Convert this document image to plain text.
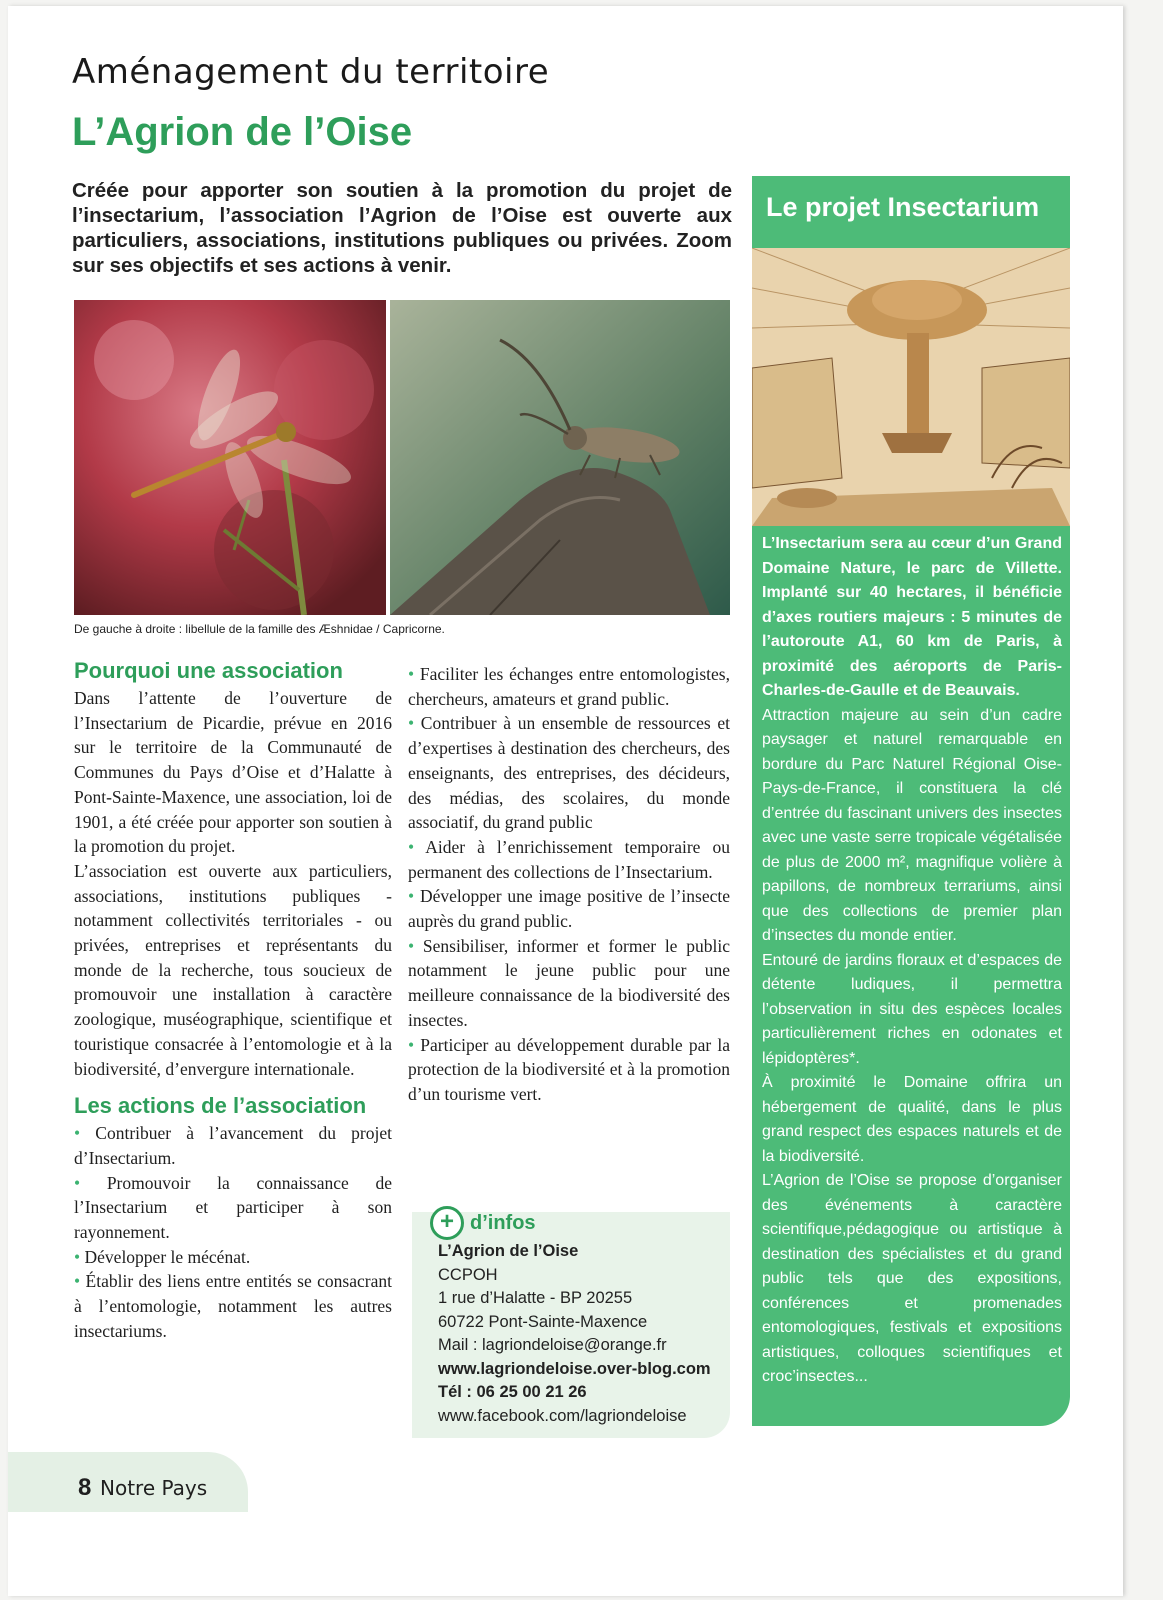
Aménagement du territoire
L’Agrion de l’Oise
Créée pour apporter son soutien à la promotion du projet de l’insectarium, l’association l’Agrion de l’Oise est ouverte aux particuliers, associations, institutions publiques ou privées. Zoom sur ses objectifs et ses actions à venir.
De gauche à droite : libellule de la famille des Æshnidae / Capricorne.
Pourquoi une association

Dans l’attente de l’ouverture de l’Insectarium de Picardie, prévue en 2016 sur le territoire de la Communauté de Communes du Pays d’Oise et d’Halatte à Pont-Sainte-Maxence, une association, loi de 1901, a été créée pour apporter son soutien à la promotion du projet.

L’association est ouverte aux particuliers, associations, institutions publiques - notamment collectivités territoriales - ou privées, entreprises et représentants du monde de la recherche, tous soucieux de promouvoir une installation à caractère zoologique, muséographique, scientifique et touristique consacrée à l’entomologie et à la biodiversité, d’envergure internationale.

Les actions de l’association

• Contribuer à l’avancement du projet d’Insectarium.

• Promouvoir la connaissance de l’Insectarium et participer à son rayonnement.

• Développer le mécénat.

• Établir des liens entre entités se consacrant à l’entomologie, notamment les autres insectariums.

• Faciliter les échanges entre entomologistes, chercheurs, amateurs et grand public.

• Contribuer à un ensemble de ressources et d’expertises à destination des chercheurs, des enseignants, des entreprises, des décideurs, des médias, des scolaires, du monde associatif, du grand public

• Aider à l’enrichissement temporaire ou permanent des collections de l’Insectarium.

• Développer une image positive de l’insecte auprès du grand public.

• Sensibiliser, informer et former le public notamment le jeune public pour une meilleure connaissance de la biodiversité des insectes.

• Participer au développement durable par la protection de la biodiversité et à la promotion d’un tourisme vert.

+ d’infos
L’Agrion de l’Oise
CCPOH
1 rue d’Halatte - BP 20255
60722 Pont-Sainte-Maxence
Mail : lagriondeloise@orange.fr
www.lagriondeloise.over-blog.com
Tél : 06 25 00 21 26
www.facebook.com/lagriondeloise
Le projet Insectarium

L’Insectarium sera au cœur d’un Grand Domaine Nature, le parc de Villette. Implanté sur 40 hectares, il bénéficie d’axes routiers majeurs : 5 minutes de l’autoroute A1, 60 km de Paris, à proximité des aéroports de Paris-Charles-de-Gaulle et de Beauvais.

Attraction majeure au sein d’un cadre paysager et naturel remarquable en bordure du Parc Naturel Régional Oise-Pays-de-France, il constituera la clé d’entrée du fascinant univers des insectes avec une vaste serre tropicale végétalisée de plus de 2000 m², magnifique volière à papillons, de nombreux terrariums, ainsi que des collections de premier plan d’insectes du monde entier.

Entouré de jardins floraux et d’espaces de détente ludiques, il permettra l’observation in situ des espèces locales particulièrement riches en odonates et lépidoptères*.

À proximité le Domaine offrira un hébergement de qualité, dans le plus grand respect des espaces naturels et de la biodiversité.

L’Agrion de l’Oise se propose d’organiser des événements à caractère scientifique,pédagogique ou artistique à destination des spécialistes et du grand public tels que des expositions, conférences et promenades entomologiques, festivals et expositions artistiques, colloques scientifiques et croc’insectes...

8 Notre Pays
